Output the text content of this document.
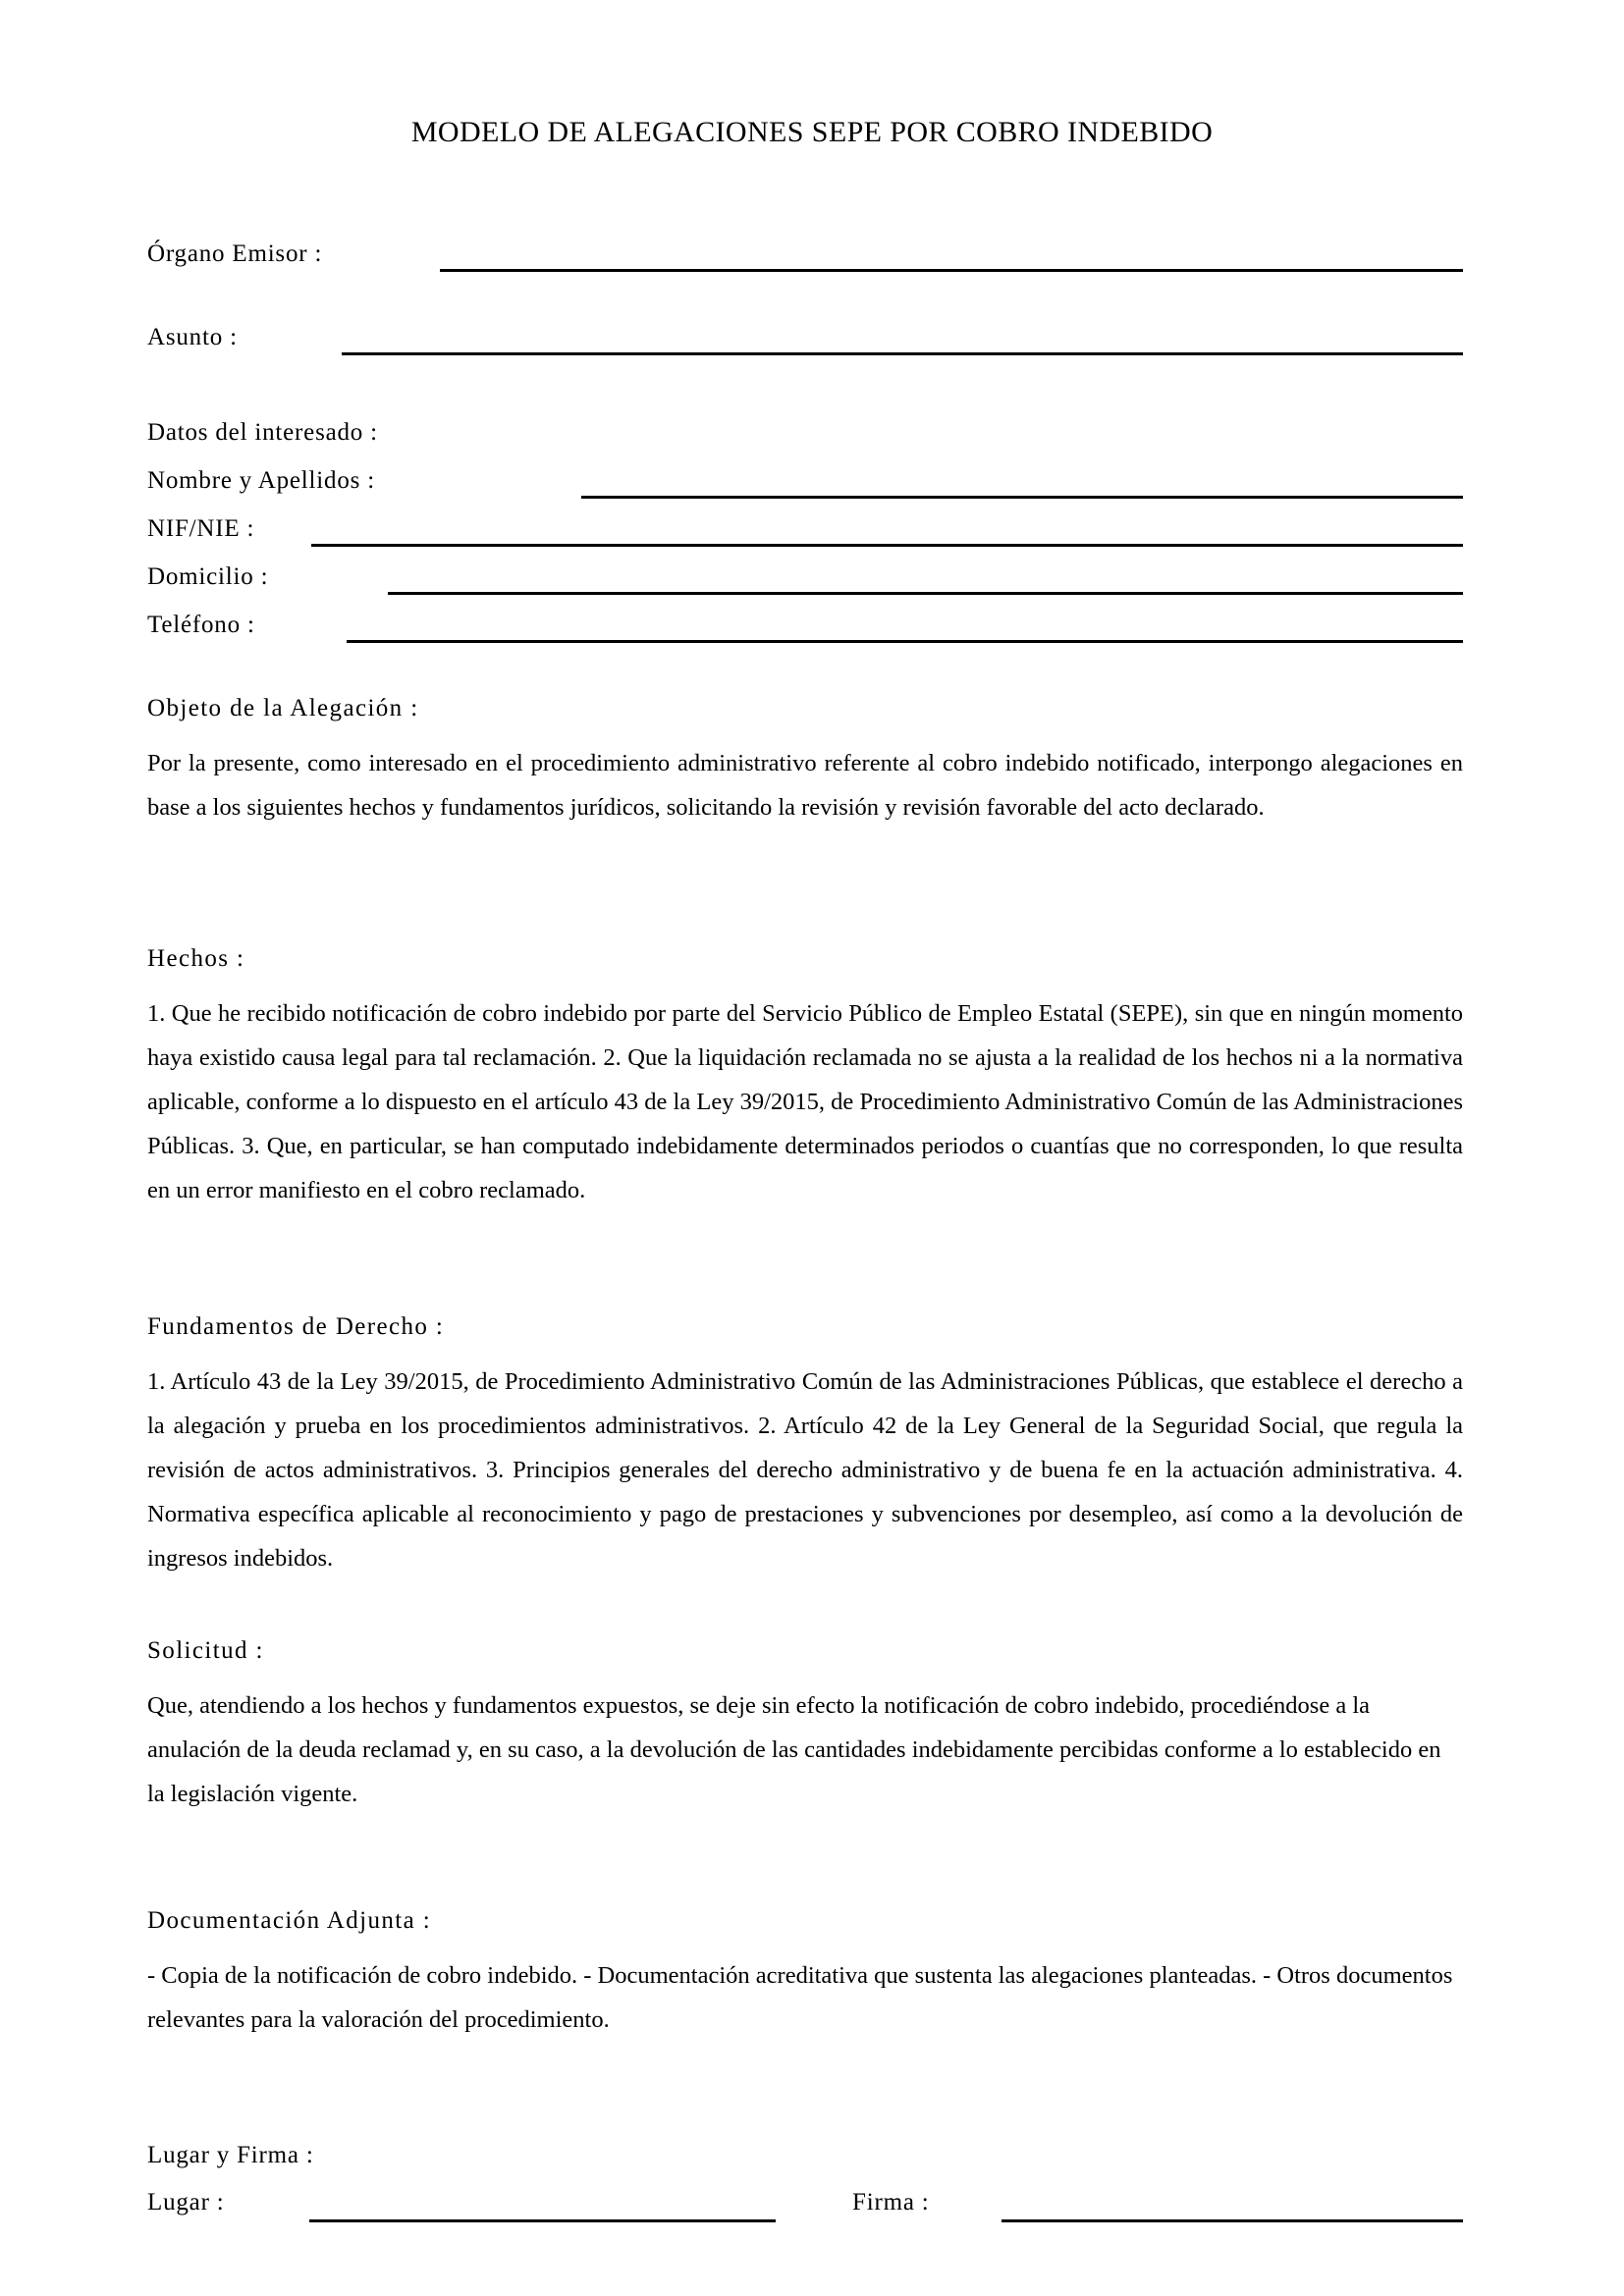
MODELO DE ALEGACIONES SEPE POR COBRO INDEBIDO
Órgano Emisor :
Asunto :
Datos del interesado :
Nombre y Apellidos :
NIF/NIE :
Domicilio :
Teléfono :
Objeto de la Alegación :

Por la presente, como interesado en el procedimiento administrativo referente al cobro indebido notificado, interpongo alegaciones en base a los siguientes hechos y fundamentos jurídicos, solicitando la revisión y revisión favorable del acto declarado.

Hechos :

1. Que he recibido notificación de cobro indebido por parte del Servicio Público de Empleo Estatal (SEPE), sin que en ningún momento haya existido causa legal para tal reclamación. 2. Que la liquidación reclamada no se ajusta a la realidad de los hechos ni a la normativa aplicable, conforme a lo dispuesto en el artículo 43 de la Ley 39/2015, de Procedimiento Administrativo Común de las Administraciones Públicas. 3. Que, en particular, se han computado indebidamente determinados periodos o cuantías que no corresponden, lo que resulta en un error manifiesto en el cobro reclamado.

Fundamentos de Derecho :

1. Artículo 43 de la Ley 39/2015, de Procedimiento Administrativo Común de las Administraciones Públicas, que establece el derecho a la alegación y prueba en los procedimientos administrativos. 2. Artículo 42 de la Ley General de la Seguridad Social, que regula la revisión de actos administrativos. 3. Principios generales del derecho administrativo y de buena fe en la actuación administrativa. 4. Normativa específica aplicable al reconocimiento y pago de prestaciones y subvenciones por desempleo, así como a la devolución de ingresos indebidos.

Solicitud :

Que, atendiendo a los hechos y fundamentos expuestos, se deje sin efecto la notificación de cobro indebido, procediéndose a la anulación de la deuda reclamad y, en su caso, a la devolución de las cantidades indebidamente percibidas conforme a lo establecido en la legislación vigente.

Documentación Adjunta :

- Copia de la notificación de cobro indebido. - Documentación acreditativa que sustenta las alegaciones planteadas. - Otros documentos relevantes para la valoración del procedimiento.

Lugar y Firma :
Lugar :	Firma :
